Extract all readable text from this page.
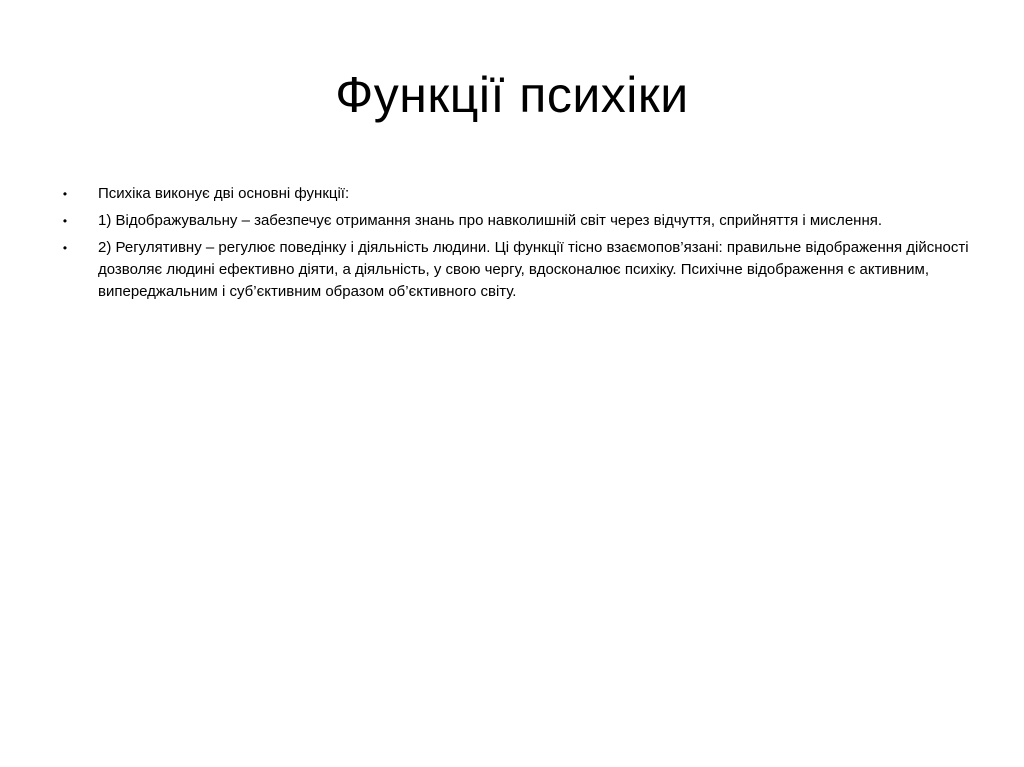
Функції психіки
• Психіка виконує дві основні функції:
• 1) Відображувальну – забезпечує отримання знань про навколишній світ через відчуття, сприйняття і мислення.
• 2) Регулятивну – регулює поведінку і діяльність людини. Ці функції тісно взаємопов’язані: правильне відображення дійсності дозволяє людині ефективно діяти, а діяльність, у свою чергу, вдосконалює психіку. Психічне відображення є активним, випереджальним і суб’єктивним образом об’єктивного світу.
